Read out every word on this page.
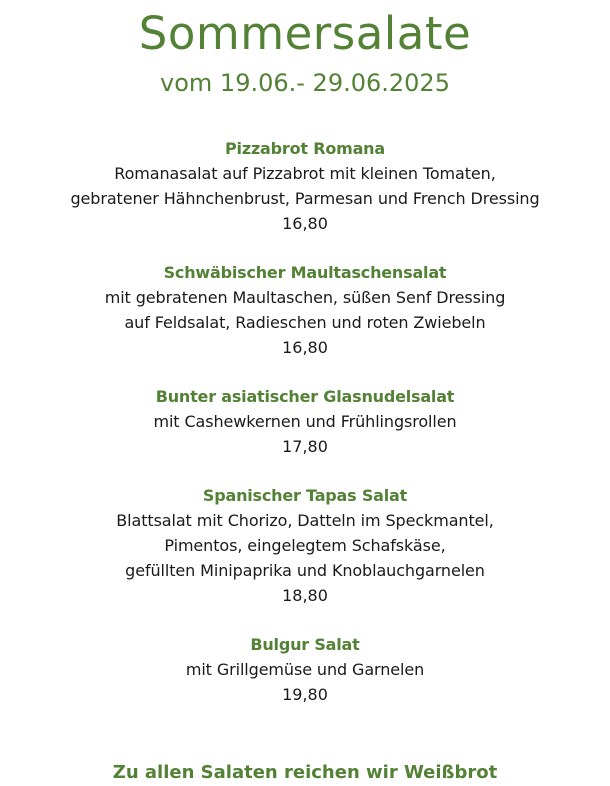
Sommersalate
vom 19.06.- 29.06.2025
Pizzabrot Romana
Romanasalat auf Pizzabrot mit kleinen Tomaten,
gebratener Hähnchenbrust, Parmesan und French Dressing
16,80
Schwäbischer Maultaschensalat
mit gebratenen Maultaschen, süßen Senf Dressing
auf Feldsalat, Radieschen und roten Zwiebeln
16,80
Bunter asiatischer Glasnudelsalat
mit Cashewkernen und Frühlingsrollen
17,80
Spanischer Tapas Salat
Blattsalat mit Chorizo, Datteln im Speckmantel,
Pimentos, eingelegtem Schafskäse,
gefüllten Minipaprika und Knoblauchgarnelen
18,80
Bulgur Salat
mit Grillgemüse und Garnelen
19,80
Zu allen Salaten reichen wir Weißbrot
